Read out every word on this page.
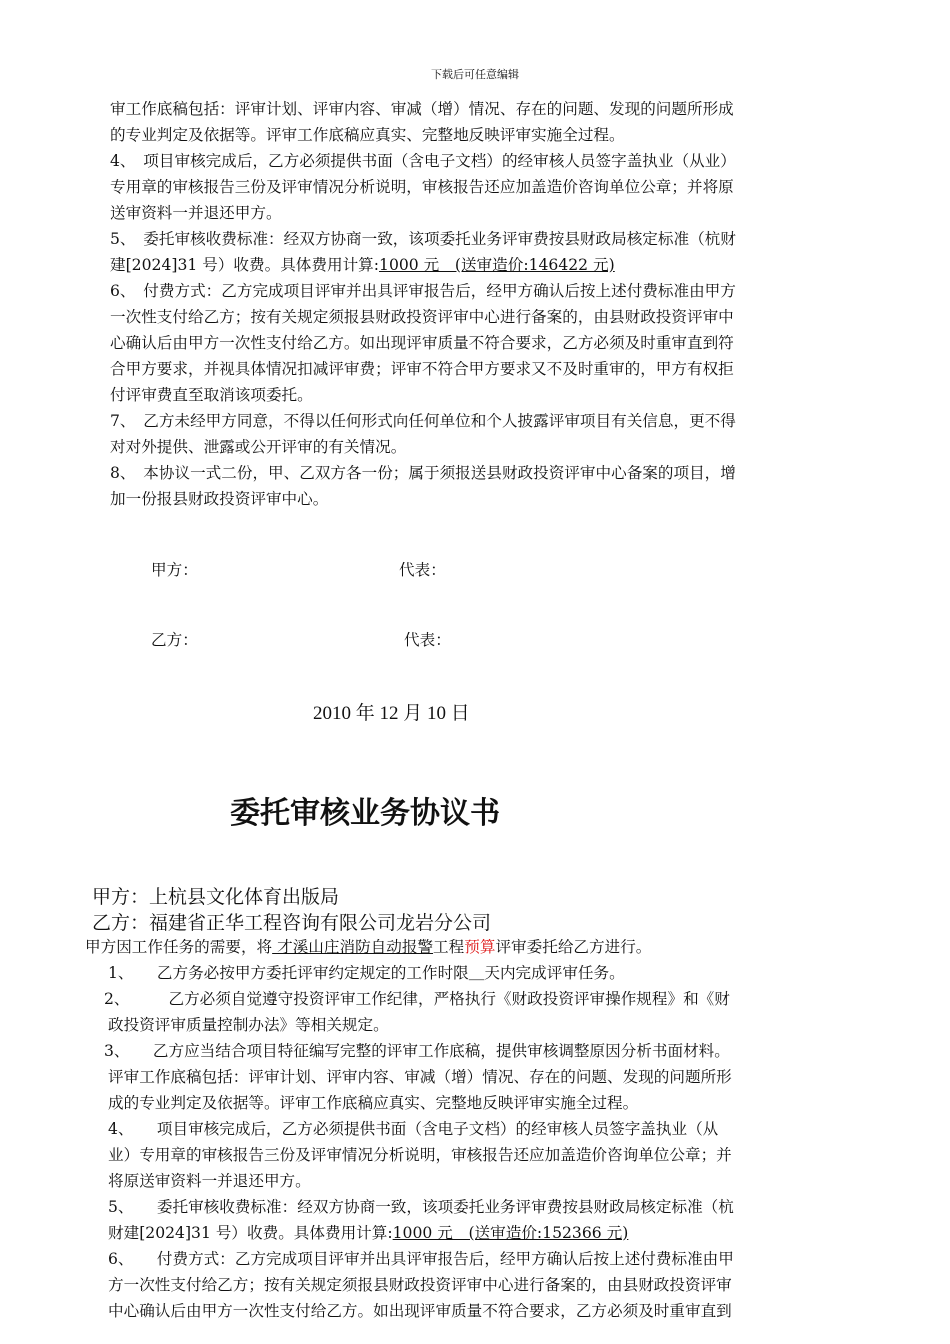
下载后可任意编辑
审工作底稿包括：评审计划、评审内容、审减（增）情况、存在的问题、发现的问题所形成
的专业判定及依据等。评审工作底稿应真实、完整地反映评审实施全过程。
4、　项目审核完成后，乙方必须提供书面（含电子文档）的经审核人员签字盖执业（从业）
专用章的审核报告三份及评审情况分析说明，审核报告还应加盖造价咨询单位公章；并将原
送审资料一并退还甲方。
5、　委托审核收费标准：经双方协商一致，该项委托业务评审费按县财政局核定标准（杭财
建[2024]31 号）收费。具体费用计算:1000 元　(送审造价:146422 元)
6、　付费方式：乙方完成项目评审并出具评审报告后，经甲方确认后按上述付费标准由甲方
一次性支付给乙方；按有关规定须报县财政投资评审中心进行备案的，由县财政投资评审中
心确认后由甲方一次性支付给乙方。如出现评审质量不符合要求，乙方必须及时重审直到符
合甲方要求，并视具体情况扣减评审费；评审不符合甲方要求又不及时重审的，甲方有权拒
付评审费直至取消该项委托。
7、　乙方未经甲方同意，不得以任何形式向任何单位和个人披露评审项目有关信息，更不得
对对外提供、泄露或公开评审的有关情况。
8、　本协议一式二份，甲、乙双方各一份；属于须报送县财政投资评审中心备案的项目，增
加一份报县财政投资评审中心。
甲方：	代表：
乙方：	代表：
2010 年 12 月 10 日
委托审核业务协议书
甲方：上杭县文化体育出版局
乙方：福建省正华工程咨询有限公司龙岩分公司
甲方因工作任务的需要，将 才溪山庄消防自动报警工程预算评审委托给乙方进行。
1、　　乙方务必按甲方委托评审约定规定的工作时限＿天内完成评审任务。
2、　　　乙方必须自觉遵守投资评审工作纪律，严格执行《财政投资评审操作规程》和《财
政投资评审质量控制办法》等相关规定。
3、　　乙方应当结合项目特征编写完整的评审工作底稿，提供审核调整原因分析书面材料。
评审工作底稿包括：评审计划、评审内容、审减（增）情况、存在的问题、发现的问题所形
成的专业判定及依据等。评审工作底稿应真实、完整地反映评审实施全过程。
4、　　项目审核完成后，乙方必须提供书面（含电子文档）的经审核人员签字盖执业（从
业）专用章的审核报告三份及评审情况分析说明，审核报告还应加盖造价咨询单位公章；并
将原送审资料一并退还甲方。
5、　　委托审核收费标准：经双方协商一致，该项委托业务评审费按县财政局核定标准（杭
财建[2024]31 号）收费。具体费用计算:1000 元　(送审造价:152366 元)
6、　　付费方式：乙方完成项目评审并出具评审报告后，经甲方确认后按上述付费标准由甲
方一次性支付给乙方；按有关规定须报县财政投资评审中心进行备案的，由县财政投资评审
中心确认后由甲方一次性支付给乙方。如出现评审质量不符合要求，乙方必须及时重审直到
